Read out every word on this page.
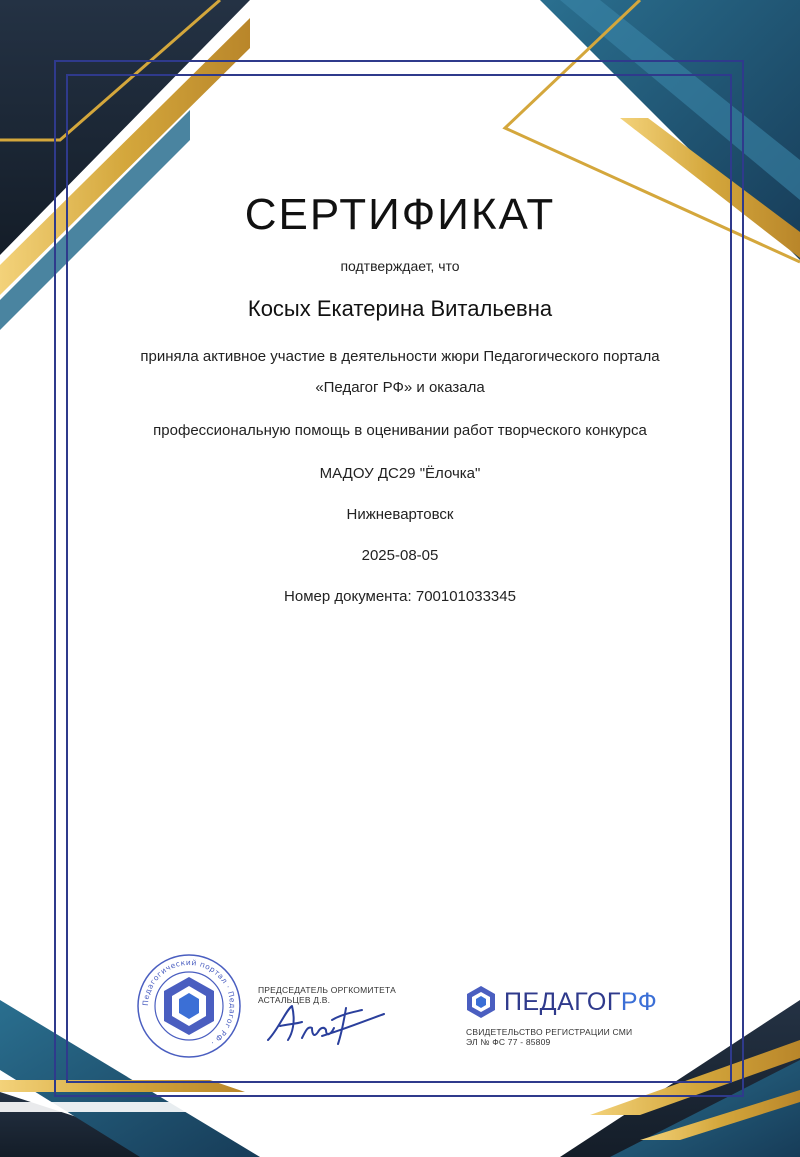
СЕРТИФИКАТ
подтверждает, что
Косых Екатерина Витальевна
приняла активное участие в деятельности жюри Педагогического портала
«Педагог РФ» и оказала
профессиональную помощь в оценивании работ творческого конкурса
МАДОУ ДС29 "Ёлочка"
Нижневартовск
2025-08-05
Номер документа: 700101033345
Педагогический портал · Педагог РФ ·
ПРЕДСЕДАТЕЛЬ ОРГКОМИТЕТА
АСТАЛЬЦЕВ Д.В.	ПЕДАГОГРФ
СВИДЕТЕЛЬСТВО РЕГИСТРАЦИИ СМИ
ЭЛ № ФС 77 - 85809
